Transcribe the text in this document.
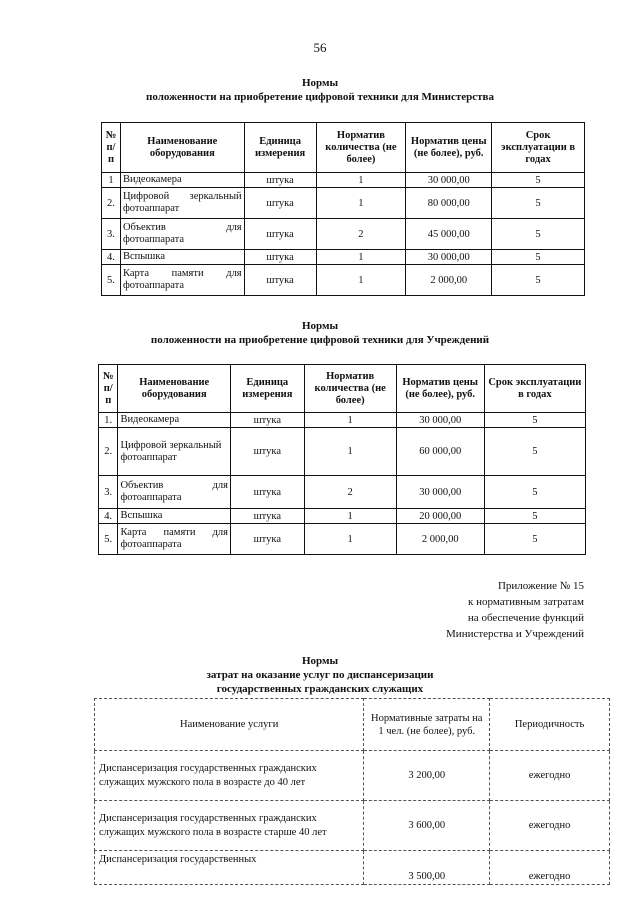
56
Нормы
положенности на приобретение цифровой техники для Министерства
№ п/п	Наименование оборудования	Единица измерения	Норматив количества (не более)	Норматив цены (не более), руб.	Срок эксплуатации в годах
1	Видеокамера	штука	1	30 000,00	5
2.	Цифровой зеркальный фотоаппарат	штука	1	80 000,00	5
3.	Объектив для фотоаппарата	штука	2	45 000,00	5
4.	Вспышка	штука	1	30 000,00	5
5.	Карта памяти для фотоаппарата	штука	1	2 000,00	5
Нормы
положенности на приобретение цифровой техники для Учреждений
№ п/п	Наименование оборудования	Единица измерения	Норматив количества (не более)	Норматив цены (не более), руб.	Срок эксплуатации в годах
1.	Видеокамера	штука	1	30 000,00	5
2.	Цифровой зеркальный фотоаппарат	штука	1	60 000,00	5
3.	Объектив для фотоаппарата	штука	2	30 000,00	5
4.	Вспышка	штука	1	20 000,00	5
5.	Карта памяти для фотоаппарата	штука	1	2 000,00	5
Приложение № 15
к нормативным затратам
на обеспечение функций
Министерства и Учреждений
Нормы
затрат на оказание услуг по диспансеризации
государственных гражданских служащих
Наименование услуги	Нормативные затраты на 1 чел. (не более), руб.	Периодичность
Диспансеризация государственных гражданских служащих мужского пола в возрасте до 40 лет	3 200,00	ежегодно
Диспансеризация государственных гражданских служащих мужского пола в возрасте старше 40 лет	3 600,00	ежегодно
Диспансеризация государственных	3 500,00	ежегодно
